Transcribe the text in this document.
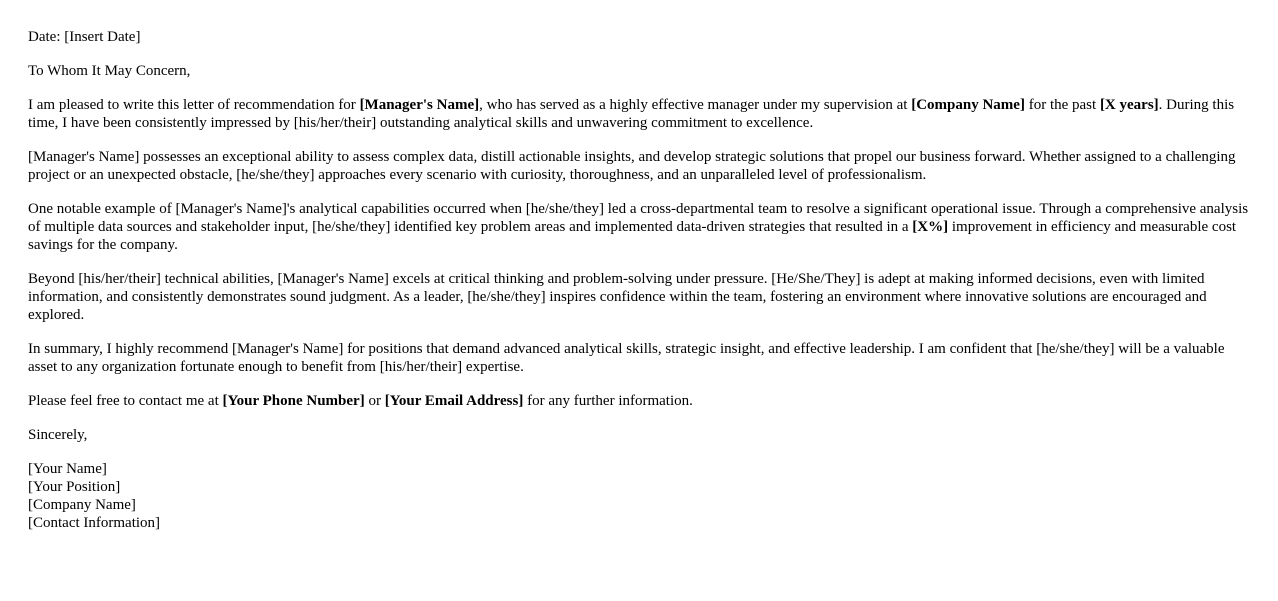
Date: [Insert Date]

To Whom It May Concern,

I am pleased to write this letter of recommendation for [Manager's Name], who has served as a highly effective manager under my supervision at [Company Name] for the past [X years]. During this time, I have been consistently impressed by [his/her/their] outstanding analytical skills and unwavering commitment to excellence.

[Manager's Name] possesses an exceptional ability to assess complex data, distill actionable insights, and develop strategic solutions that propel our business forward. Whether assigned to a challenging project or an unexpected obstacle, [he/she/they] approaches every scenario with curiosity, thoroughness, and an unparalleled level of professionalism.

One notable example of [Manager's Name]'s analytical capabilities occurred when [he/she/they] led a cross-departmental team to resolve a significant operational issue. Through a comprehensive analysis of multiple data sources and stakeholder input, [he/she/they] identified key problem areas and implemented data-driven strategies that resulted in a [X%] improvement in efficiency and measurable cost savings for the company.

Beyond [his/her/their] technical abilities, [Manager's Name] excels at critical thinking and problem-solving under pressure. [He/She/They] is adept at making informed decisions, even with limited information, and consistently demonstrates sound judgment. As a leader, [he/she/they] inspires confidence within the team, fostering an environment where innovative solutions are encouraged and explored.

In summary, I highly recommend [Manager's Name] for positions that demand advanced analytical skills, strategic insight, and effective leadership. I am confident that [he/she/they] will be a valuable asset to any organization fortunate enough to benefit from [his/her/their] expertise.

Please feel free to contact me at [Your Phone Number] or [Your Email Address] for any further information.

Sincerely,

[Your Name]
[Your Position]
[Company Name]
[Contact Information]
